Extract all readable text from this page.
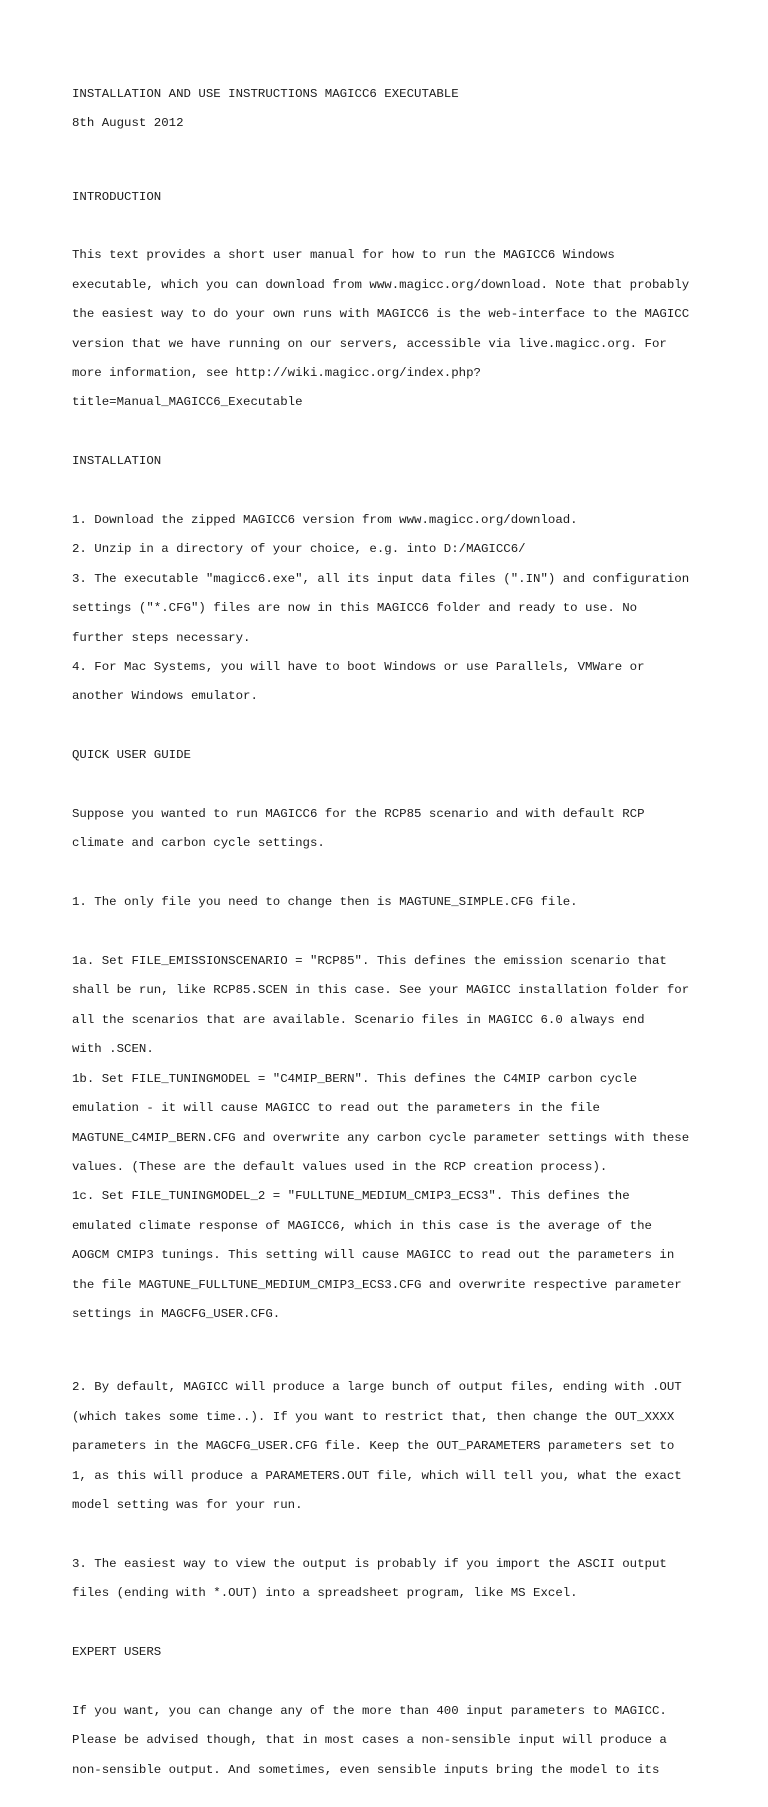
INSTALLATION AND USE INSTRUCTIONS MAGICC6 EXECUTABLE

8th August 2012

INTRODUCTION

This text provides a short user manual for how to run the MAGICC6 Windows

executable, which you can download from www.magicc.org/download. Note that probably

the easiest way to do your own runs with MAGICC6 is the web-interface to the MAGICC

version that we have running on our servers, accessible via live.magicc.org. For

more information, see http://wiki.magicc.org/index.php?

title=Manual_MAGICC6_Executable

INSTALLATION

1. Download the zipped MAGICC6 version from www.magicc.org/download.

2. Unzip in a directory of your choice, e.g. into D:/MAGICC6/

3. The executable "magicc6.exe", all its input data files (".IN") and configuration

settings ("*.CFG") files are now in this MAGICC6 folder and ready to use. No

further steps necessary.

4. For Mac Systems, you will have to boot Windows or use Parallels, VMWare or

another Windows emulator.

QUICK USER GUIDE

Suppose you wanted to run MAGICC6 for the RCP85 scenario and with default RCP

climate and carbon cycle settings.

1. The only file you need to change then is MAGTUNE_SIMPLE.CFG file.

1a. Set FILE_EMISSIONSCENARIO = "RCP85". This defines the emission scenario that

shall be run, like RCP85.SCEN in this case. See your MAGICC installation folder for

all the scenarios that are available. Scenario files in MAGICC 6.0 always end

with .SCEN.

1b. Set FILE_TUNINGMODEL = "C4MIP_BERN". This defines the C4MIP carbon cycle

emulation - it will cause MAGICC to read out the parameters in the file

MAGTUNE_C4MIP_BERN.CFG and overwrite any carbon cycle parameter settings with these

values. (These are the default values used in the RCP creation process).

1c. Set FILE_TUNINGMODEL_2 = "FULLTUNE_MEDIUM_CMIP3_ECS3". This defines the

emulated climate response of MAGICC6, which in this case is the average of the

AOGCM CMIP3 tunings. This setting will cause MAGICC to read out the parameters in

the file MAGTUNE_FULLTUNE_MEDIUM_CMIP3_ECS3.CFG and overwrite respective parameter

settings in MAGCFG_USER.CFG.

2. By default, MAGICC will produce a large bunch of output files, ending with .OUT

(which takes some time..). If you want to restrict that, then change the OUT_XXXX

parameters in the MAGCFG_USER.CFG file. Keep the OUT_PARAMETERS parameters set to

1, as this will produce a PARAMETERS.OUT file, which will tell you, what the exact

model setting was for your run.

3. The easiest way to view the output is probably if you import the ASCII output

files (ending with *.OUT) into a spreadsheet program, like MS Excel.

EXPERT USERS

If you want, you can change any of the more than 400 input parameters to MAGICC.

Please be advised though, that in most cases a non-sensible input will produce a

non-sensible output. And sometimes, even sensible inputs bring the model to its
